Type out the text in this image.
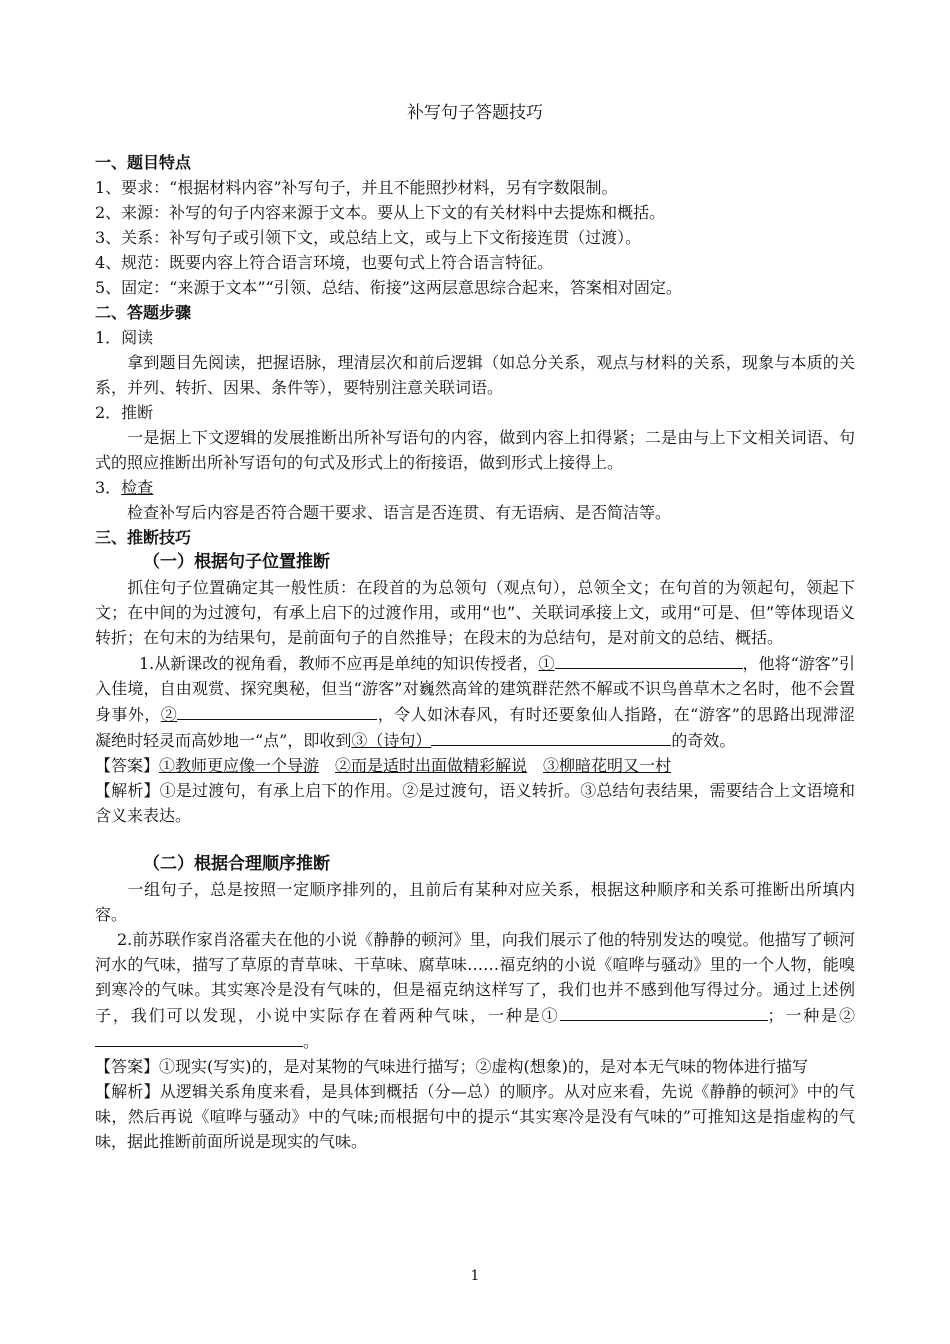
补写句子答题技巧
一、题目特点
1、要求：“根据材料内容”补写句子，并且不能照抄材料，另有字数限制。
2、来源：补写的句子内容来源于文本。要从上下文的有关材料中去提炼和概括。
3、关系：补写句子或引领下文，或总结上文，或与上下文衔接连贯（过渡）。
4、规范：既要内容上符合语言环境，也要句式上符合语言特征。
5、固定：“来源于文本”“引领、总结、衔接”这两层意思综合起来，答案相对固定。
二、答题步骤
1．阅读
拿到题目先阅读，把握语脉，理清层次和前后逻辑（如总分关系，观点与材料的关系，现象与本质的关系，并列、转折、因果、条件等），要特别注意关联词语。
2．推断
一是据上下文逻辑的发展推断出所补写语句的内容，做到内容上扣得紧；二是由与上下文相关词语、句式的照应推断出所补写语句的句式及形式上的衔接语，做到形式上接得上。
3．检查
检查补写后内容是否符合题干要求、语言是否连贯、有无语病、是否简洁等。
三、推断技巧
（一）根据句子位置推断
抓住句子位置确定其一般性质：在段首的为总领句（观点句），总领全文；在句首的为领起句，领起下文；在中间的为过渡句，有承上启下的过渡作用，或用“也”、关联词承接上文，或用“可是、但”等体现语义转折；在句末的为结果句，是前面句子的自然推导；在段末的为总结句，是对前文的总结、概括。
1.从新课改的视角看，教师不应再是单纯的知识传授者，①	，他将“游客”引入佳境，自由观赏、探究奥秘，但当“游客”对巍然高耸的建筑群茫然不解或不识鸟兽草木之名时，他不会置身事外，②	，令人如沐春风，有时还要象仙人指路，在“游客”的思路出现滞涩凝绝时轻灵而高妙地一“点”，即收到③（诗句）	的奇效。
【答案】①教师更应像一个导游 ②而是适时出面做精彩解说 ③柳暗花明又一村
【解析】①是过渡句，有承上启下的作用。②是过渡句，语义转折。③总结句表结果，需要结合上文语境和含义来表达。
（二）根据合理顺序推断
一组句子，总是按照一定顺序排列的，且前后有某种对应关系，根据这种顺序和关系可推断出所填内容。
2.前苏联作家肖洛霍夫在他的小说《静静的顿河》里，向我们展示了他的特别发达的嗅觉。他描写了顿河河水的气味，描写了草原的青草味、干草味、腐草味……福克纳的小说《喧哗与骚动》里的一个人物，能嗅到寒冷的气味。其实寒冷是没有气味的，但是福克纳这样写了，我们也并不感到他写得过分。通过上述例子，我们可以发现，小说中实际存在着两种气味，一种是①	；一种是②。
【答案】①现实(写实)的，是对某物的气味进行描写；②虚构(想象)的，是对本无气味的物体进行描写
【解析】从逻辑关系角度来看，是具体到概括（分—总）的顺序。从对应来看，先说《静静的顿河》中的气味，然后再说《喧哗与骚动》中的气味;而根据句中的提示“其实寒冷是没有气味的”可推知这是指虚构的气味，据此推断前面所说是现实的气味。
1
